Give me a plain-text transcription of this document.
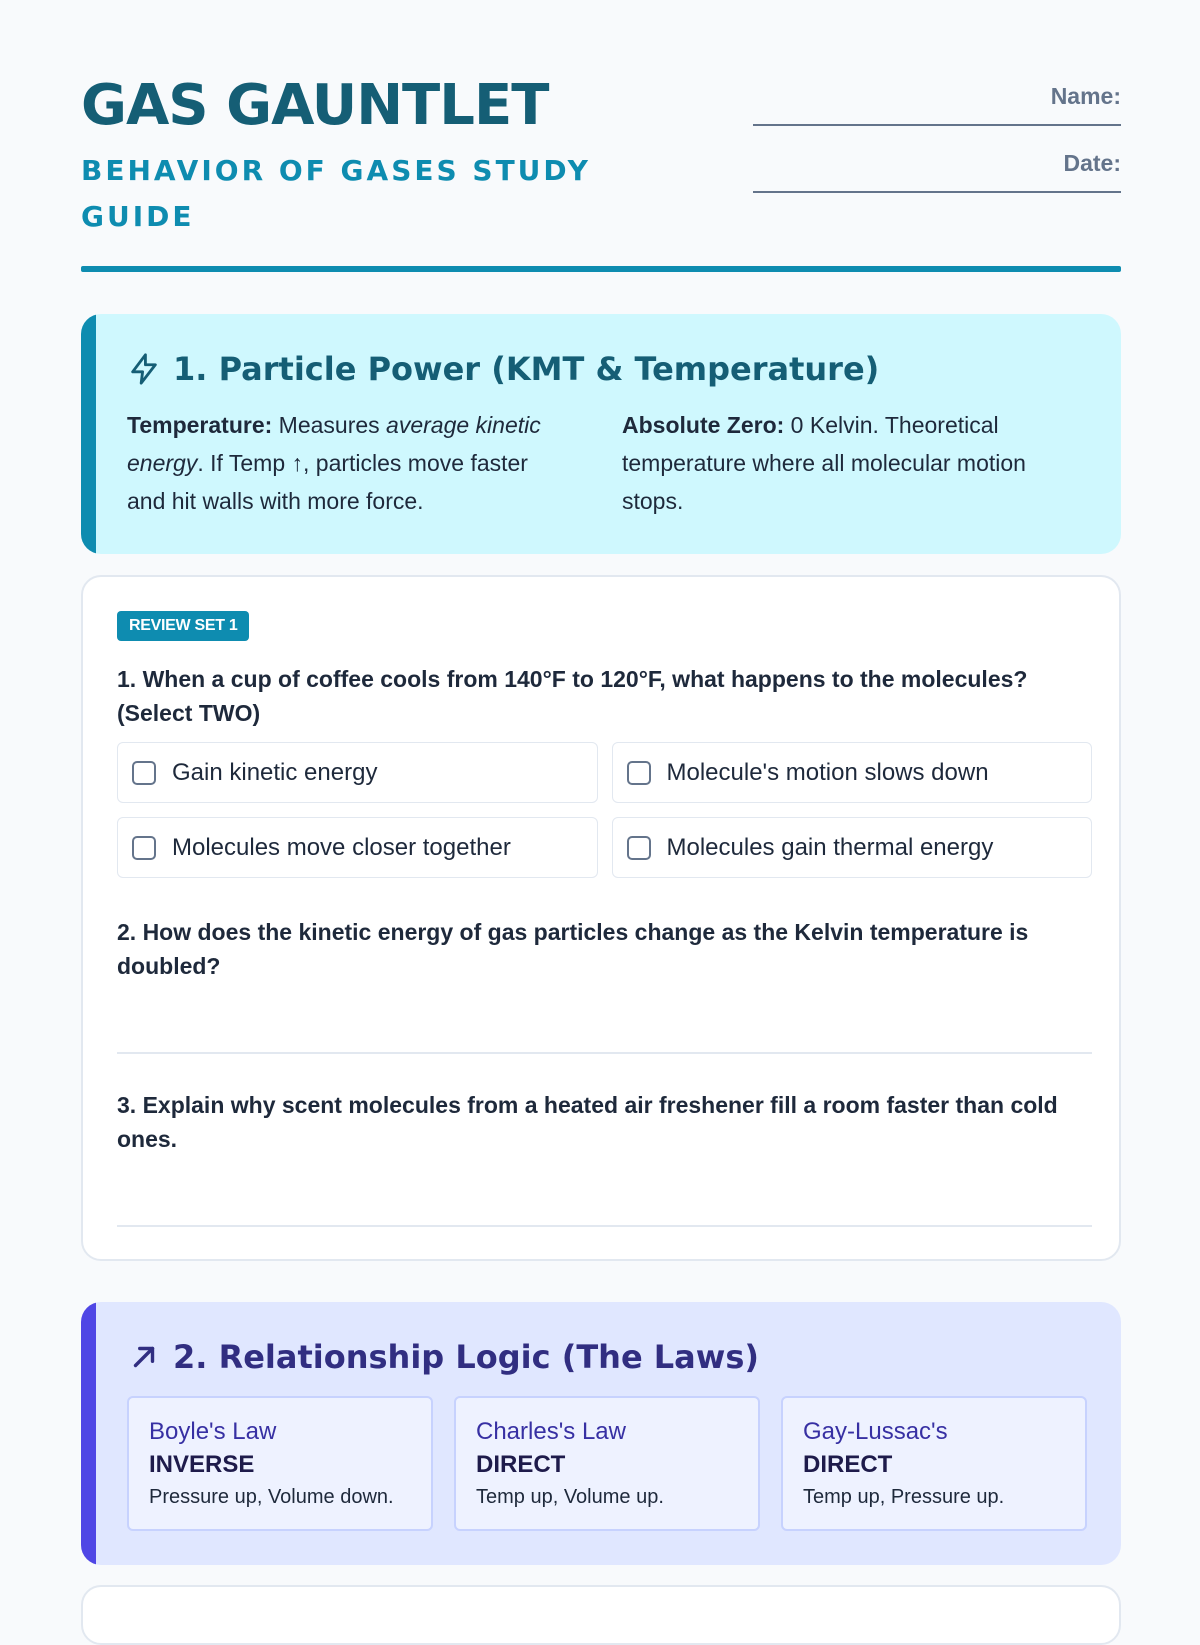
GAS GAUNTLET
BEHAVIOR OF GASES STUDY GUIDE
Name:
Date:
1. Particle Power (KMT & Temperature)

Temperature: Measures average kinetic energy. If Temp ↑, particles move faster and hit walls with more force.

Absolute Zero: 0 Kelvin. Theoretical temperature where all molecular motion stops.

REVIEW SET 1
1. When a cup of coffee cools from 140°F to 120°F, what happens to the molecules? (Select TWO)
Gain kinetic energy	Molecule's motion slows down
Molecules move closer together	Molecules gain thermal energy
2. How does the kinetic energy of gas particles change as the Kelvin temperature is doubled?
3. Explain why scent molecules from a heated air freshener fill a room faster than cold ones.
2. Relationship Logic (The Laws)
Boyle's Law
INVERSE
Pressure up, Volume down.
Charles's Law
DIRECT
Temp up, Volume up.
Gay-Lussac's
DIRECT
Temp up, Pressure up.
